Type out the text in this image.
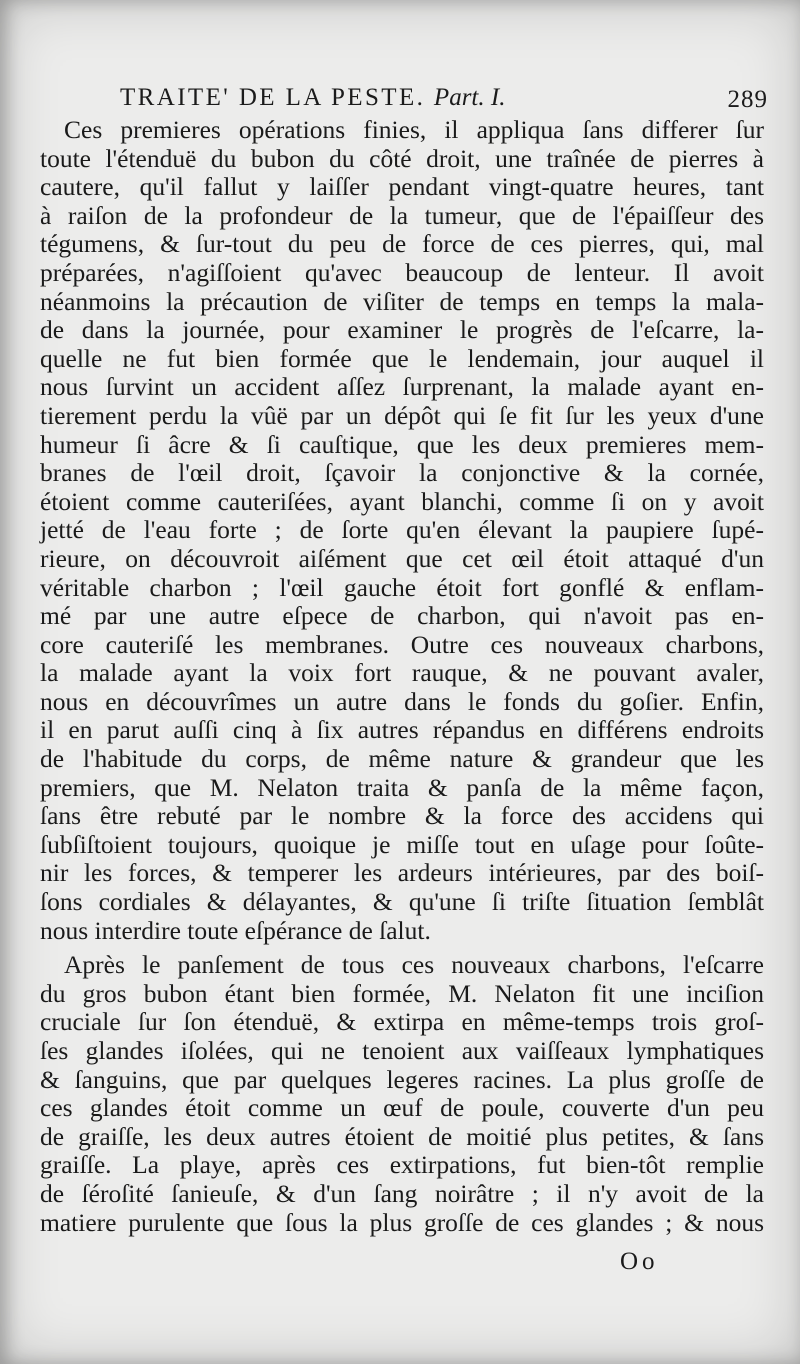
TRAITE' DE LA PESTE. Part. I.	289
Ces premieres opérations finies, il appliqua ſans differer ſur
toute l'étenduë du bubon du côté droit, une traînée de pierres à
cautere, qu'il fallut y laiſſer pendant vingt-quatre heures, tant
à raiſon de la profondeur de la tumeur, que de l'épaiſſeur des
tégumens, & ſur-tout du peu de force de ces pierres, qui, mal
préparées, n'agiſſoient qu'avec beaucoup de lenteur. Il avoit
néanmoins la précaution de viſiter de temps en temps la mala-
de dans la journée, pour examiner le progrès de l'eſcarre, la-
quelle ne fut bien formée que le lendemain, jour auquel il
nous ſurvint un accident aſſez ſurprenant, la malade ayant en-
tierement perdu la vûë par un dépôt qui ſe fit ſur les yeux d'une
humeur ſi âcre & ſi cauſtique, que les deux premieres mem-
branes de l'œil droit, ſçavoir la conjonctive & la cornée,
étoient comme cauteriſées, ayant blanchi, comme ſi on y avoit
jetté de l'eau forte ; de ſorte qu'en élevant la paupiere ſupé-
rieure, on découvroit aiſément que cet œil étoit attaqué d'un
véritable charbon ; l'œil gauche étoit fort gonflé & enflam-
mé par une autre eſpece de charbon, qui n'avoit pas en-
core cauteriſé les membranes. Outre ces nouveaux charbons,
la malade ayant la voix fort rauque, & ne pouvant avaler,
nous en découvrîmes un autre dans le fonds du goſier. Enfin,
il en parut auſſi cinq à ſix autres répandus en différens endroits
de l'habitude du corps, de même nature & grandeur que les
premiers, que M. Nelaton traita & panſa de la même façon,
ſans être rebuté par le nombre & la force des accidens qui
ſubſiſtoient toujours, quoique je miſſe tout en uſage pour ſoûte-
nir les forces, & temperer les ardeurs intérieures, par des boiſ-
ſons cordiales & délayantes, & qu'une ſi triſte ſituation ſemblât
nous interdire toute eſpérance de ſalut.
Après le panſement de tous ces nouveaux charbons, l'eſcarre
du gros bubon étant bien formée, M. Nelaton fit une inciſion
cruciale ſur ſon étenduë, & extirpa en même-temps trois groſ-
ſes glandes iſolées, qui ne tenoient aux vaiſſeaux lymphatiques
& ſanguins, que par quelques legeres racines. La plus groſſe de
ces glandes étoit comme un œuf de poule, couverte d'un peu
de graiſſe, les deux autres étoient de moitié plus petites, & ſans
graiſſe. La playe, après ces extirpations, fut bien-tôt remplie
de ſéroſité ſanieuſe, & d'un ſang noirâtre ; il n'y avoit de la
matiere purulente que ſous la plus groſſe de ces glandes ; & nous
Oo
